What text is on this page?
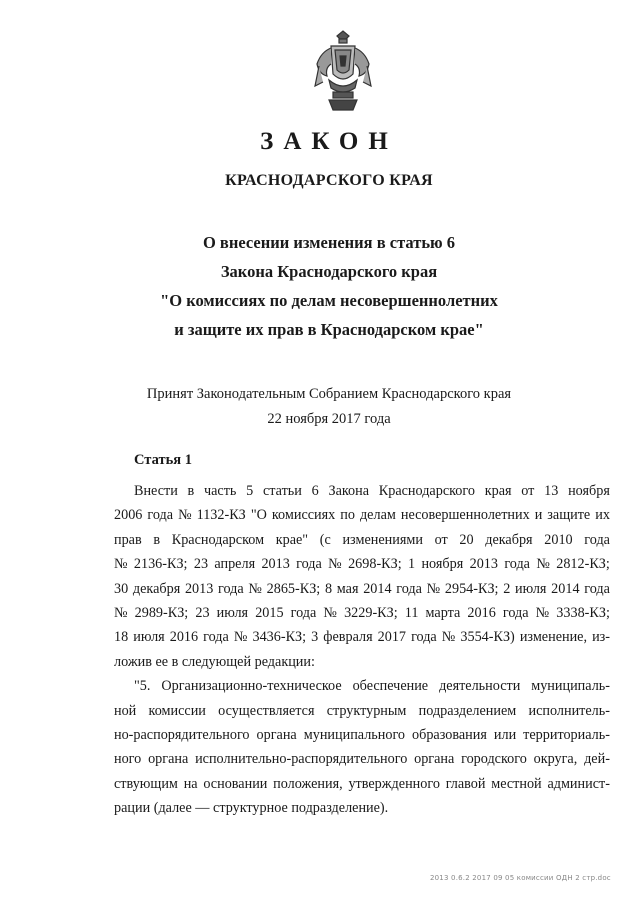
ЗАКОН
КРАСНОДАРСКОГО КРАЯ
О внесении изменения в статью 6
Закона Краснодарского края
"О комиссиях по делам несовершеннолетних
и защите их прав в Краснодарском крае"
Принят Законодательным Собранием Краснодарского края
22 ноября 2017 года
Статья 1
Внести в часть 5 статьи 6 Закона Краснодарского края от 13 ноября
2006 года № 1132-КЗ "О комиссиях по делам несовершеннолетних и защите их
прав в Краснодарском крае" (с изменениями от 20 декабря 2010 года
№ 2136-КЗ; 23 апреля 2013 года № 2698-КЗ; 1 ноября 2013 года № 2812-КЗ;
30 декабря 2013 года № 2865-КЗ; 8 мая 2014 года № 2954-КЗ; 2 июля 2014 года
№ 2989-КЗ; 23 июля 2015 года № 3229-КЗ; 11 марта 2016 года № 3338-КЗ;
18 июля 2016 года № 3436-КЗ; 3 февраля 2017 года № 3554-КЗ) изменение, из-
ложив ее в следующей редакции:
"5. Организационно-техническое обеспечение деятельности муниципаль-
ной комиссии осуществляется структурным подразделением исполнитель-
но-распорядительного органа муниципального образования или территориаль-
ного органа исполнительно-распорядительного органа городского округа, дей-
ствующим на основании положения, утвержденного главой местной админист-
рации (далее — структурное подразделение).
2013 0.6.2 2017 09 05 комиссии ОДН 2 стр.doc
